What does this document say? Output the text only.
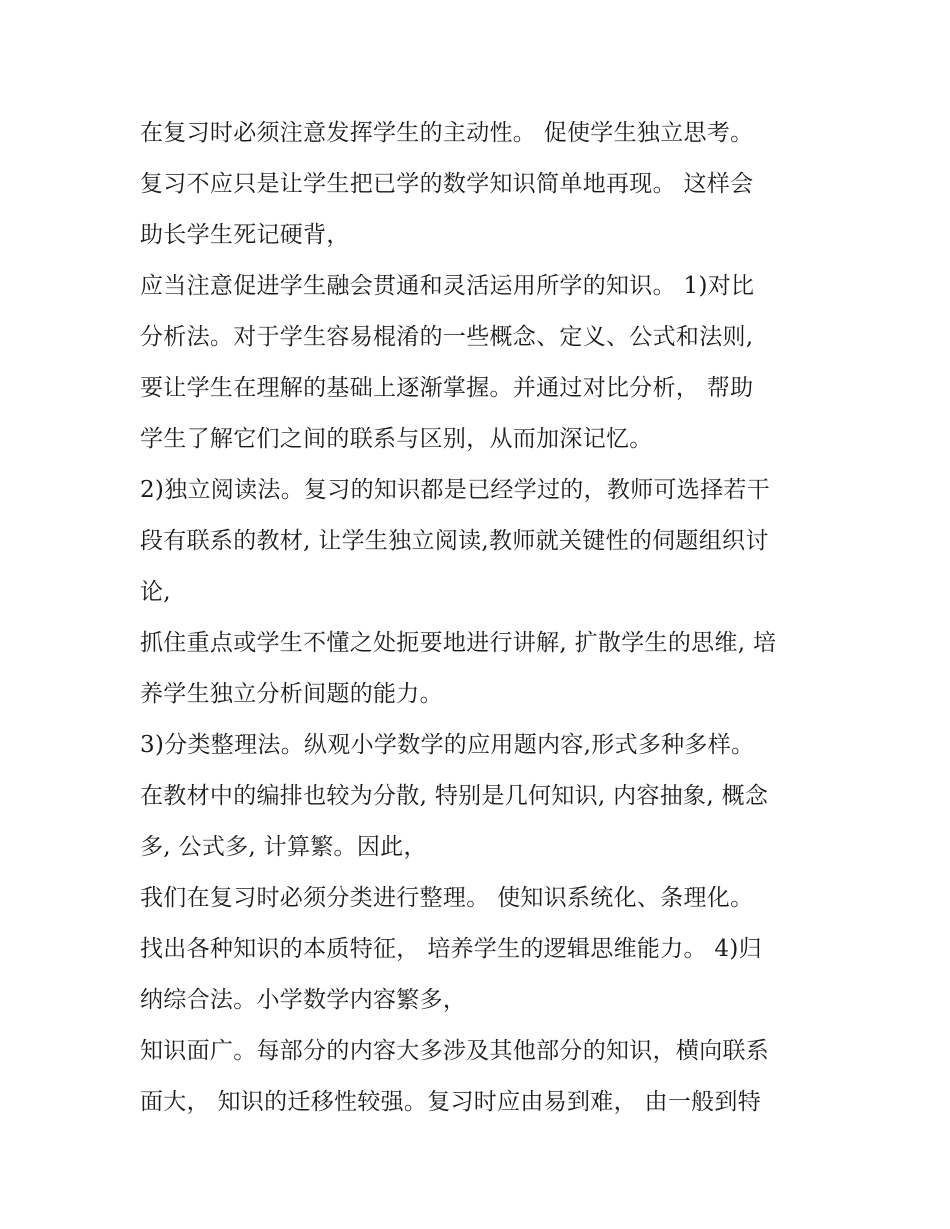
在复习时必须注意发挥学生的主动性。 促使学生独立思考。
复习不应只是让学生把已学的数学知识简单地再现。 这样会
助长学生死记硬背，
应当注意促进学生融会贯通和灵活运用所学的知识。 1)对比
分析法。对于学生容易棍淆的一些概念、定义、公式和法则,
要让学生在理解的基础上逐渐掌握。并通过对比分析， 帮助
学生了解它们之间的联系与区别，从而加深记忆。
2)独立阅读法。复习的知识都是已经学过的，教师可选择若干
段有联系的教材, 让学生独立阅读,教师就关键性的伺题组织讨
论,
抓住重点或学生不懂之处扼要地进行讲解, 扩散学生的思维, 培
养学生独立分析间题的能力。
3)分类整理法。纵观小学数学的应用题内容,形式多种多样。
在教材中的编排也较为分散, 特别是几何知识, 内容抽象, 概念
多, 公式多, 计算繁。因此，
我们在复习时必须分类进行整理。 使知识系统化、条理化。
找出各种知识的本质特征， 培养学生的逻辑思维能力。 4)归
纳综合法。小学数学内容繁多，
知识面广。每部分的内容大多涉及其他部分的知识，横向联系
面大， 知识的迁移性较强。复习时应由易到难， 由一般到特
